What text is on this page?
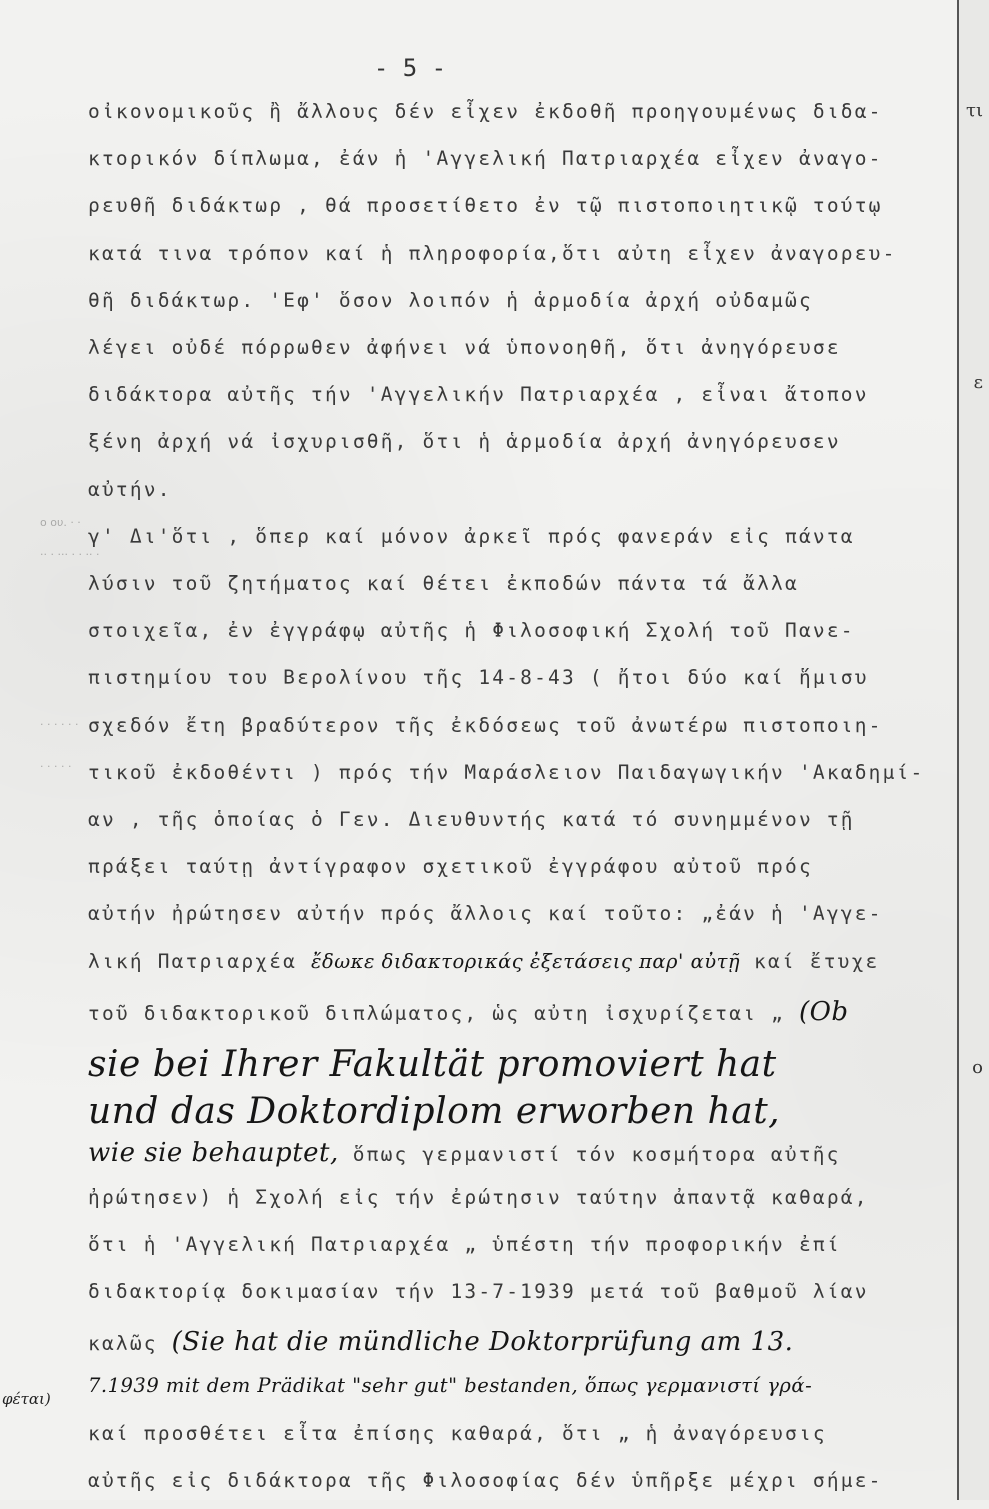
ο ου. · ·
·· · ··· · · ·· ·
· · · · · ·
· · · · ·
- 5 -
οἰκονομικοῦς ἢ ἄλλους δέν εἶχεν ἐκδοθῆ προηγουμένως διδα-
κτορικόν δίπλωμα, ἐάν ἡ 'Αγγελική Πατριαρχέα εἶχεν ἀναγο-
ρευθῆ διδάκτωρ , θά προσετίθετο ἐν τῷ πιστοποιητικῷ τούτῳ
κατά τινα τρόπον καί ἡ πληροφορία,ὅτι αὐτη εἶχεν ἀναγορευ-
θῆ διδάκτωρ. 'Εφ' ὅσον λοιπόν ἡ ἁρμοδία ἀρχή οὐδαμῶς
λέγει οὐδέ πόρρωθεν ἀφήνει νά ὑπονοηθῆ, ὅτι ἀνηγόρευσε
διδάκτορα αὐτῆς τήν 'Αγγελικήν Πατριαρχέα , εἶναι ἄτοπον
ξένη ἀρχή νά ἰσχυρισθῆ, ὅτι ἡ ἁρμοδία ἀρχή ἀνηγόρευσεν
αὐτήν.
γ' Δι'ὅτι , ὅπερ καί μόνον ἀρκεῖ πρός φανεράν εἰς πάντα
λύσιν τοῦ ζητήματος καί θέτει ἐκποδών πάντα τά ἄλλα
στοιχεῖα, ἐν ἐγγράφῳ αὐτῆς ἡ Φιλοσοφική Σχολή τοῦ Πανε-
πιστημίου του Βερολίνου τῆς 14-8-43 ( ἤτοι δύο καί ἥμισυ
σχεδόν ἔτη βραδύτερον τῆς ἐκδόσεως τοῦ ἀνωτέρω πιστοποιη-
τικοῦ ἐκδοθέντι ) πρός τήν Μαράσλειον Παιδαγωγικήν 'Ακαδημί-
αν , τῆς ὁποίας ὁ Γεν. Διευθυντής κατά τό συνημμένον τῇ
πράξει ταύτῃ ἀντίγραφον σχετικοῦ ἐγγράφου αὐτοῦ πρός
αὐτήν ἠρώτησεν αὐτήν πρός ἄλλοις καί τοῦτο: „ἐάν ἡ 'Αγγε-
λική Πατριαρχέα ἔδωκε διδακτορικάς ἐξετάσεις παρ' αὐτῇ καί ἔτυχε
τοῦ διδακτορικοῦ διπλώματος, ὡς αὐτη ἰσχυρίζεται „ (Ob
sie bei Ihrer Fakultät promoviert hat
und das Doktordiplom erworben hat,
wie sie behauptet, ὅπως γερμανιστί τόν κοσμήτορα αὐτῆς
ἠρώτησεν) ἡ Σχολή εἰς τήν ἐρώτησιν ταύτην ἀπαντᾷ καθαρά,
ὅτι ἡ 'Αγγελική Πατριαρχέα „ ὑπέστη τήν προφορικήν ἐπί
διδακτορίᾳ δοκιμασίαν τήν 13-7-1939 μετά τοῦ βαθμοῦ λίαν
καλῶς (Sie hat die mündliche Doktorprüfung am 13.
7.1939 mit dem Prädikat "sehr gut" bestanden, ὅπως γερμανιστί γρά-
καί προσθέτει εἶτα ἐπίσης καθαρά, ὅτι „ ἡ ἀναγόρευσις
αὐτῆς εἰς διδάκτορα τῆς Φιλοσοφίας δέν ὑπῆρξε μέχρι σήμε-
φέται)
τι
ε
ο
